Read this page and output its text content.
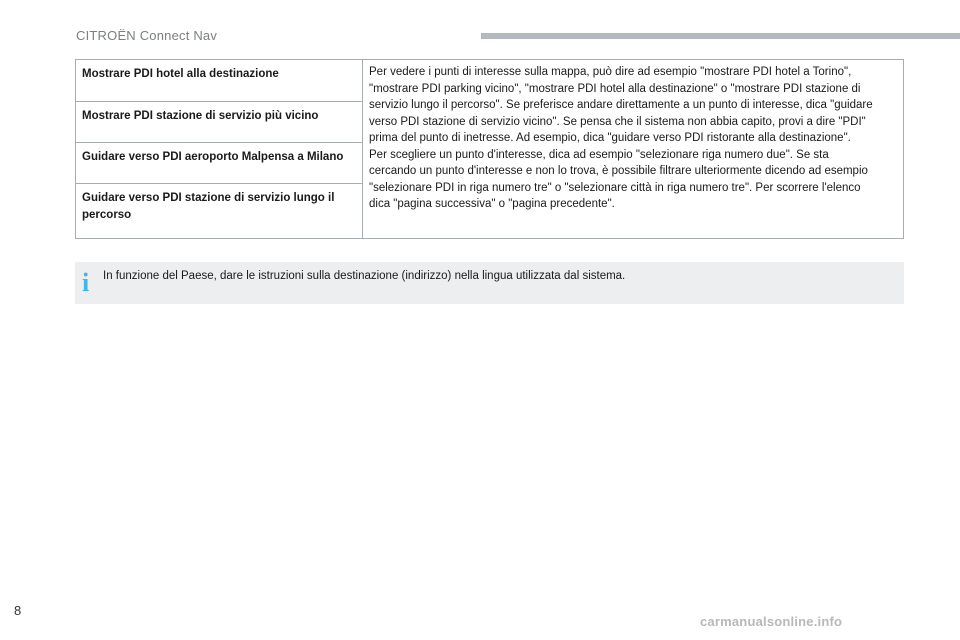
CITROËN Connect Nav
Mostrare PDI hotel alla destinazione	Per vedere i punti di interesse sulla mappa, può dire ad esempio "mostrare PDI hotel a Torino",
"mostrare PDI parking vicino", "mostrare PDI hotel alla destinazione" o "mostrare PDI stazione di
servizio lungo il percorso". Se preferisce andare direttamente a un punto di interesse, dica "guidare
verso PDI stazione di servizio vicino". Se pensa che il sistema non abbia capito, provi a dire "PDI"
prima del punto di inetresse. Ad esempio, dica "guidare verso PDI ristorante alla destinazione".
Per scegliere un punto d'interesse, dica ad esempio "selezionare riga numero due". Se sta
cercando un punto d'interesse e non lo trova, è possibile filtrare ulteriormente dicendo ad esempio
"selezionare PDI in riga numero tre" o "selezionare città in riga numero tre". Per scorrere l'elenco
dica "pagina successiva" o "pagina precedente".

Mostrare PDI stazione di servizio più vicino
Guidare verso PDI aeroporto Malpensa a Milano
Guidare verso PDI stazione di servizio lungo il percorso
i In funzione del Paese, dare le istruzioni sulla destinazione (indirizzo) nella lingua utilizzata dal sistema.
8
carmanualsonline.info
